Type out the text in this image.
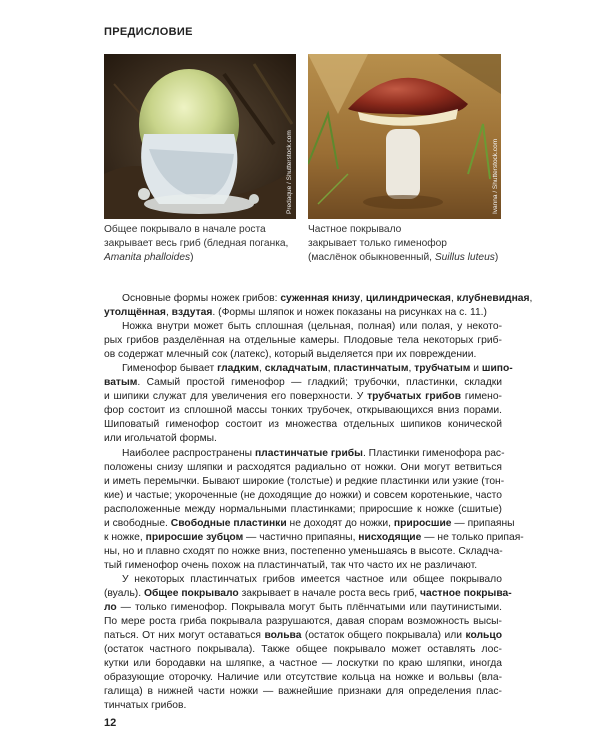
ПРЕДИСЛОВИЕ
Predaque / Shutterstock.com	Ivanna / Shutterstock.com
Общее покрывало в начале роста
закрывает весь гриб (бледная поганка,
Amanita phalloides)
Частное покрывало
закрывает только гименофор
(маслёнок обыкновенный, Suillus luteus)
Основные формы ножек грибов: суженная книзу, цилиндрическая, клубневидная,
утолщённая, вздутая. (Формы шляпок и ножек показаны на рисунках на с. 11.)
Ножка внутри может быть сплошная (цельная, полная) или полая, у некото-
рых грибов разделённая на отдельные камеры. Плодовые тела некоторых гриб-
ов содержат млечный сок (латекс), который выделяется при их повреждении.
Гименофор бывает гладким, складчатым, пластинчатым, трубчатым и шипо-
ватым. Самый простой гименофор — гладкий; трубочки, пластинки, складки
и шипики служат для увеличения его поверхности. У трубчатых грибов гимено-
фор состоит из сплошной массы тонких трубочек, открывающихся вниз порами.
Шиповатый гименофор состоит из множества отдельных шипиков конической
или игольчатой формы.
Наиболее распространены пластинчатые грибы. Пластинки гименофора рас-
положены снизу шляпки и расходятся радиально от ножки. Они могут ветвиться
и иметь перемычки. Бывают широкие (толстые) и редкие пластинки или узкие (тон-
кие) и частые; укороченные (не доходящие до ножки) и совсем коротенькие, часто
расположенные между нормальными пластинками; приросшие к ножке (сшитые)
и свободные. Свободные пластинки не доходят до ножки, приросшие — припаяны
к ножке, приросшие зубцом — частично припаяны, нисходящие — не только припая-
ны, но и плавно сходят по ножке вниз, постепенно уменьшаясь в высоте. Складча-
тый гименофор очень похож на пластинчатый, так что часто их не различают.
У некоторых пластинчатых грибов имеется частное или общее покрывало
(вуаль). Общее покрывало закрывает в начале роста весь гриб, частное покрыва-
ло — только гименофор. Покрывала могут быть плёнчатыми или паутинистыми.
По мере роста гриба покрывала разрушаются, давая спорам возможность высы-
паться. От них могут оставаться вольва (остаток общего покрывала) или кольцо
(остаток частного покрывала). Также общее покрывало может оставлять лос-
кутки или бородавки на шляпке, а частное — лоскутки по краю шляпки, иногда
образующие оторочку. Наличие или отсутствие кольца на ножке и вольвы (вла-
галища) в нижней части ножки — важнейшие признаки для определения плас-
тинчатых грибов.
12
